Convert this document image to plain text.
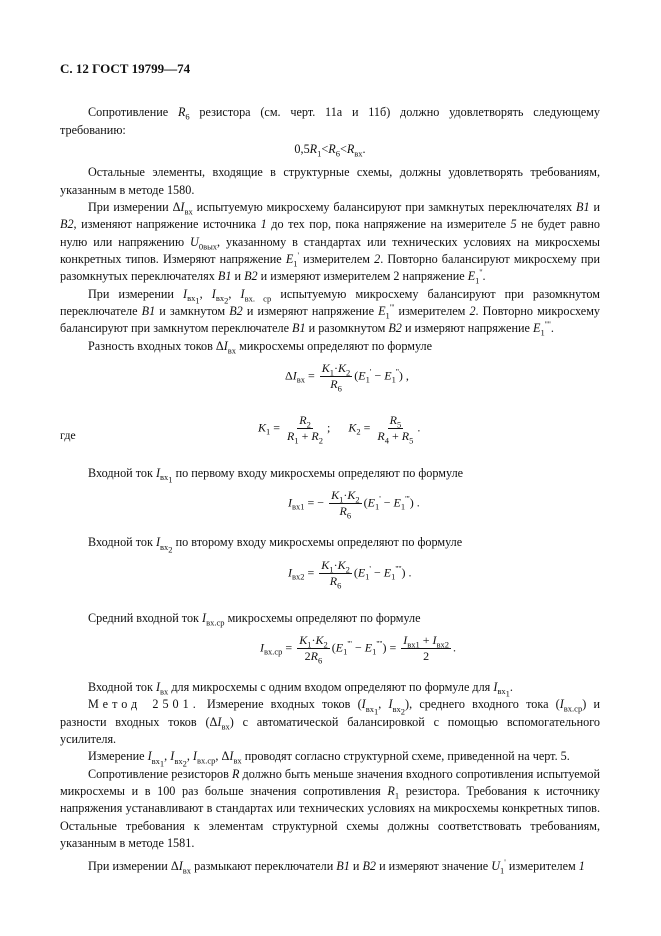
С. 12 ГОСТ 19799—74

Сопротивление $R_6$ резистора (см. черт. 11а и 11б) должно удовлетворять следующему требованию:

$0,5R_1<R_6<R_{вх}$.

Остальные элементы, входящие в структурные схемы, должны удовлетворять требованиям, указанным в методе 1580.

При измерении $\Delta I_{вх}$ испытуемую микросхему балансируют при замкнутых переключателях В1 и В2, изменяют напряжение источника 1 до тех пор, пока напряжение на измерителе 5 не будет равно нулю или напряжению $U_{0вых}$, указанному в стандартах или технических условиях на микросхемы конкретных типов. Измеряют напряжение $E_1'$ измерителем 2. Повторно балансируют микросхему при разомкнутых переключателях В1 и В2 и измеряют измерителем 2 напряжение $E_1''$.

При измерении $I_{вх_1}$, $I_{вх_2}$, $I_{вх. ср}$ испытуемую микросхему балансируют при разомкнутом переключателе В1 и замкнутом В2 и измеряют напряжение $E_1'''$ измерителем 2. Повторно микросхему балансируют при замкнутом переключателе В1 и разомкнутом В2 и измеряют напряжение $E_1''''$.

Разность входных токов $\Delta I_{вх}$ микросхемы определяют по формуле

$\Delta I_{вх} = \frac{K_1\cdot K_2}{R_6} (E_1' - E_1'')$ ,
где
$K_1 = \frac{R_2}{R_1 + R_2}$ ;      $K_2 = \frac{R_5}{R_4 + R_5}$ .

Входной ток $I_{вх_1}$ по первому входу микросхемы определяют по формуле

$I_{вх1}$ = − $\frac{K_1\cdot K_2}{R_6} (E_1' - E_1''')$ .

Входной ток $I_{вх_2}$ по второму входу микросхемы определяют по формуле

$I_{вх2} = \frac{K_1\cdot K_2}{R_6} (E_1' - E_1'''')$ .

Средний входной ток $I_{вх.ср}$ микросхемы определяют по формуле

$I_{вх.ср} = \frac{K_1\cdot K_2}{2R_6} (E_1''' - E_1'''')$ =
$I_{вх1} + I_{вх2}$
2
.

Входной ток $I_{вх}$ для микросхемы с одним входом определяют по формуле для $I_{вх_1}$.

Метод 2501. Измерение входных токов ($I_{вх_1}$, $I_{вх_2}$), среднего входного тока $(I_{вх.ср})$ и разности входных токов $(\Delta I_{вх})$ с автоматической балансировкой с помощью вспомогательного усилителя.

Измерение $I_{вх_1}$, $I_{вх_2}$, $I_{вх.ср}$, $\Delta I_{вх}$ проводят согласно структурной схеме, приведенной на черт. 5.

Сопротивление резисторов R должно быть меньше значения входного сопротивления испытуемой микросхемы и в 100 раз больше значения сопротивления $R_1$ резистора. Требования к источнику напряжения устанавливают в стандартах или технических условиях на микросхемы конкретных типов. Остальные требования к элементам структурной схемы должны соответствовать требованиям, указанным в методе 1581.

При измерении $\Delta I_{вх}$ размыкают переключатели В1 и В2 и измеряют значение $U_1'$ измерителем 1
